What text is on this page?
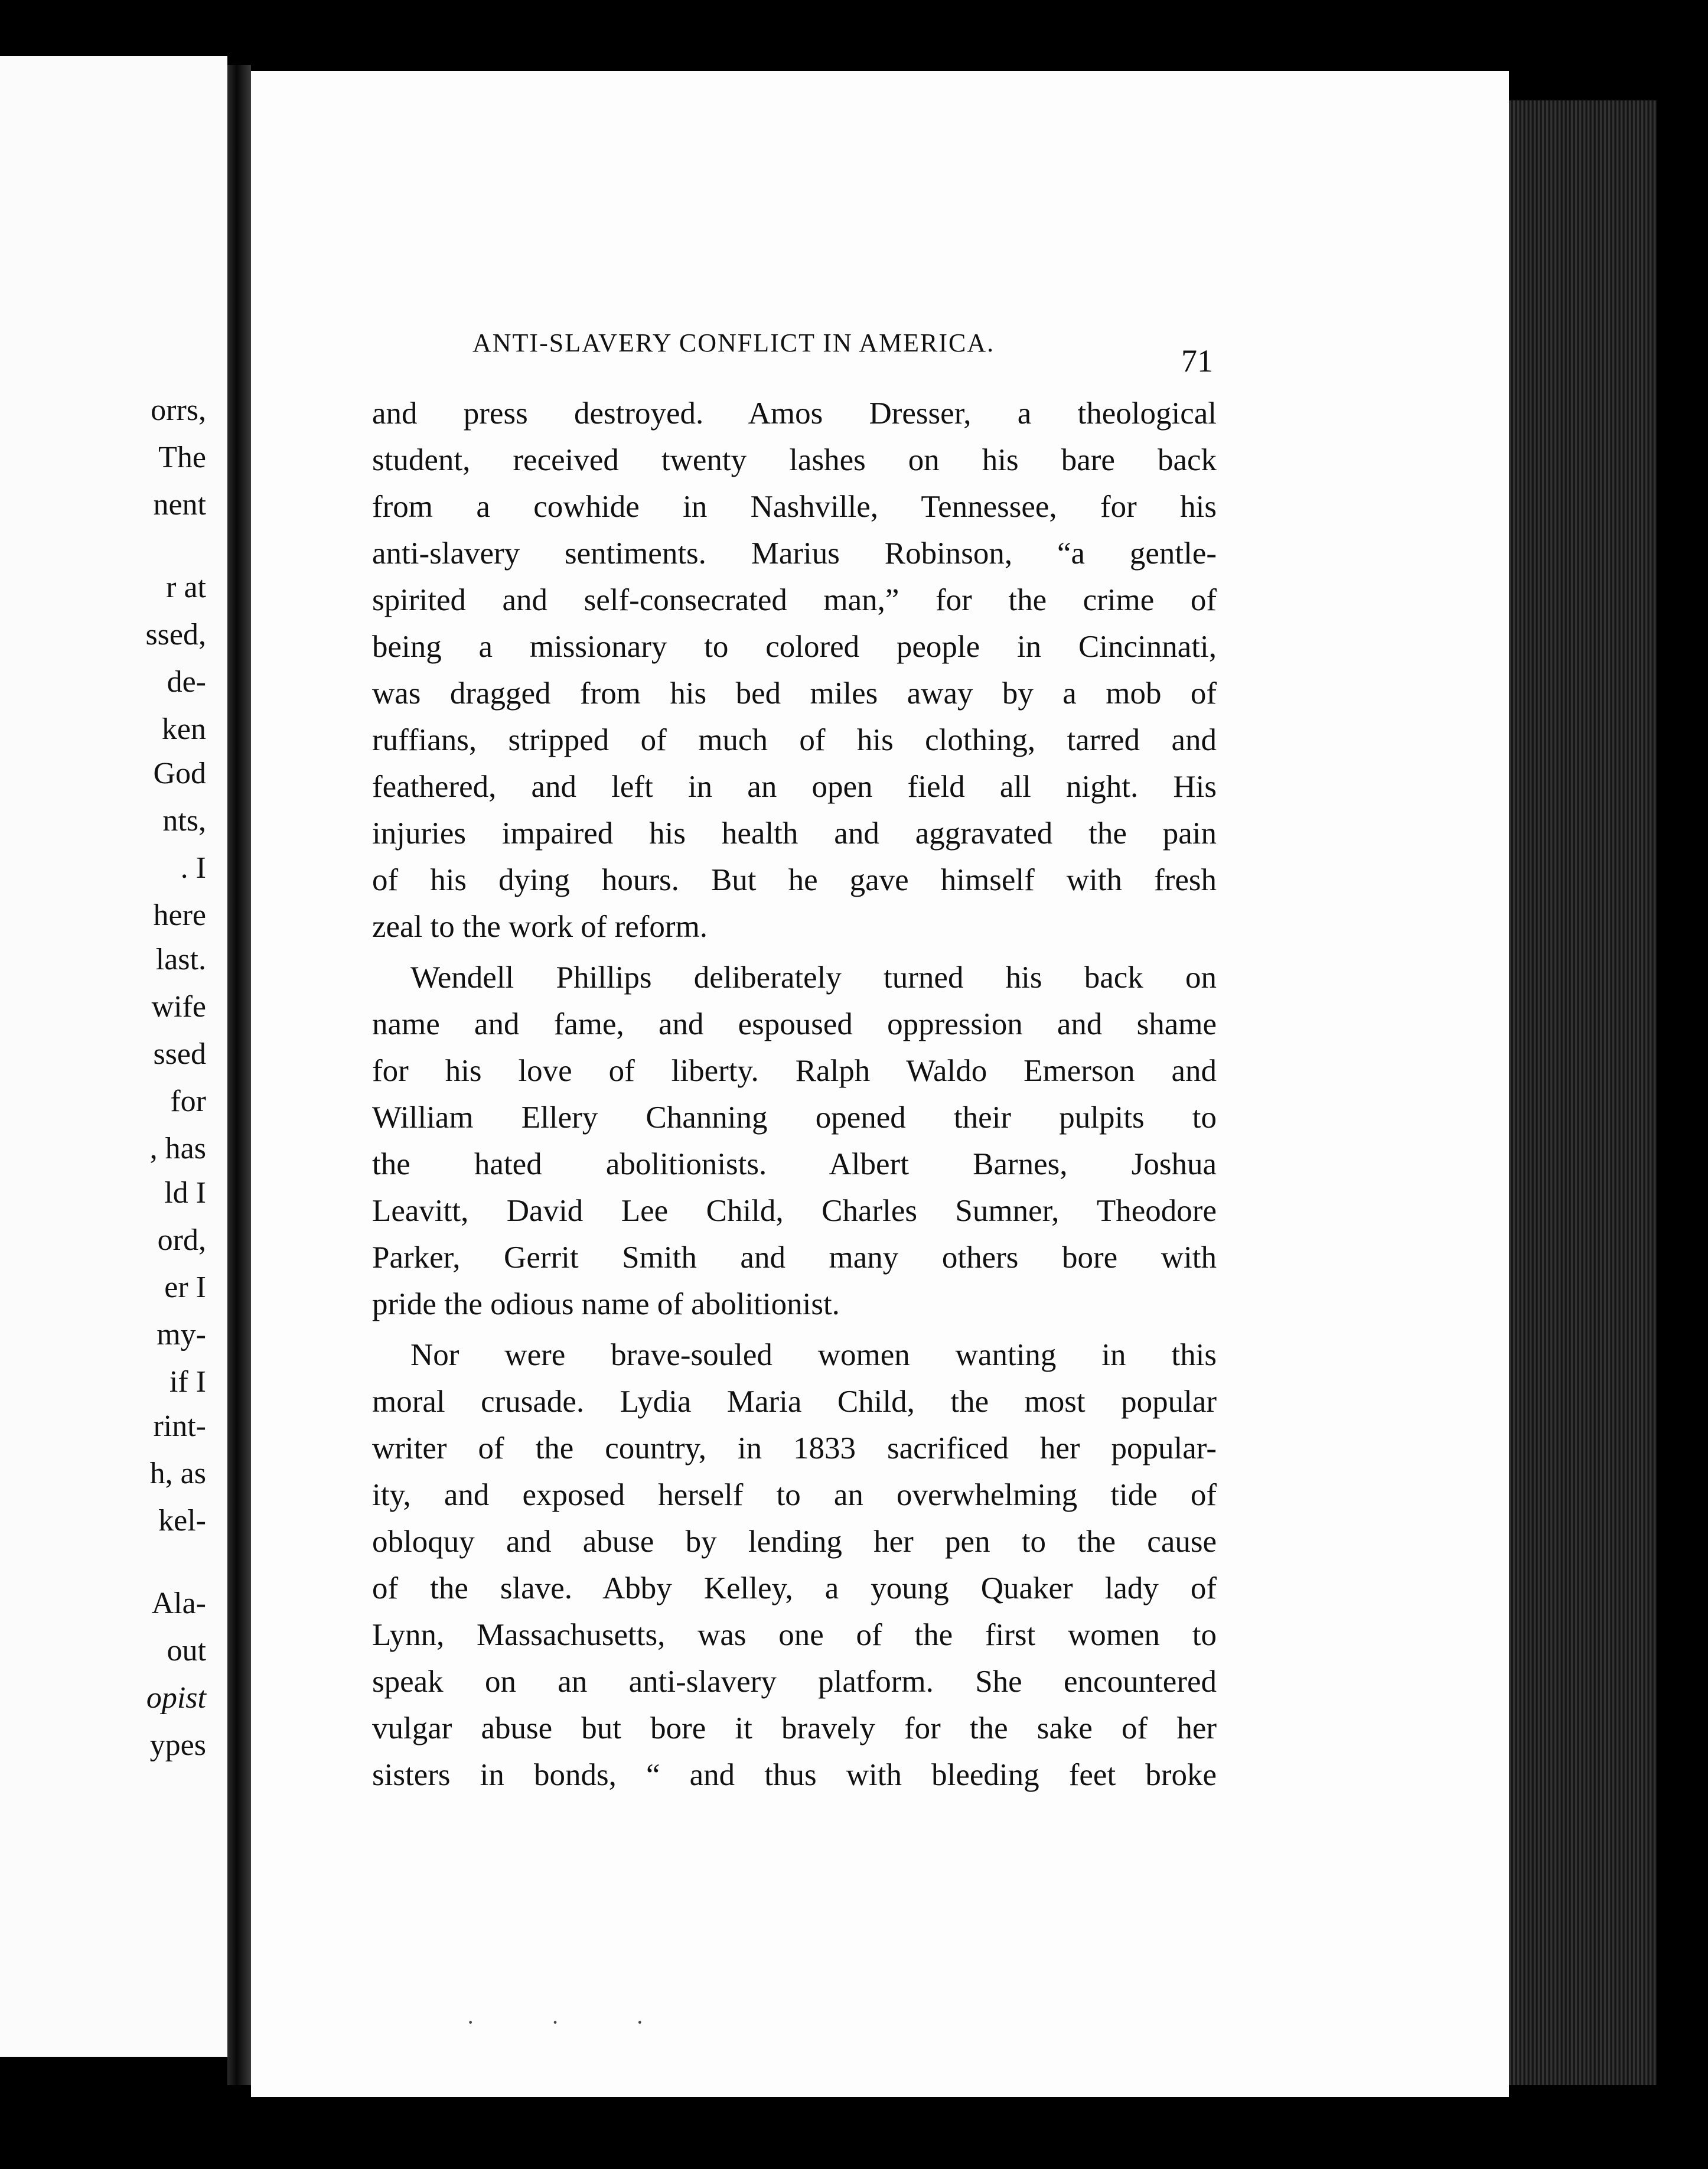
orrs,
The
nent
r at
ssed,
de-
ken
God
nts,
. I
here
last.
wife
ssed
for
, has
ld I
ord,
er I
my-
if I
rint-
h, as
kel-
Ala-
out
opist
ypes
ANTI-SLAVERY CONFLICT IN AMERICA.
71
and press destroyed. Amos Dresser, a theological
student, received twenty lashes on his bare back
from a cowhide in Nashville, Tennessee, for his
anti-slavery sentiments. Marius Robinson, “a gentle-
spirited and self-consecrated man,” for the crime of
being a missionary to colored people in Cincinnati,
was dragged from his bed miles away by a mob of
ruffians, stripped of much of his clothing, tarred and
feathered, and left in an open field all night. His
injuries impaired his health and aggravated the pain
of his dying hours. But he gave himself with fresh
zeal to the work of reform.
Wendell Phillips deliberately turned his back on
name and fame, and espoused oppression and shame
for his love of liberty. Ralph Waldo Emerson and
William Ellery Channing opened their pulpits to
the hated abolitionists. Albert Barnes, Joshua
Leavitt, David Lee Child, Charles Sumner, Theodore
Parker, Gerrit Smith and many others bore with
pride the odious name of abolitionist.
Nor were brave-souled women wanting in this
moral crusade. Lydia Maria Child, the most popular
writer of the country, in 1833 sacrificed her popular-
ity, and exposed herself to an overwhelming tide of
obloquy and abuse by lending her pen to the cause
of the slave. Abby Kelley, a young Quaker lady of
Lynn, Massachusetts, was one of the first women to
speak on an anti-slavery platform. She encountered
vulgar abuse but bore it bravely for the sake of her
sisters in bonds, “ and thus with bleeding feet broke
· · ·
